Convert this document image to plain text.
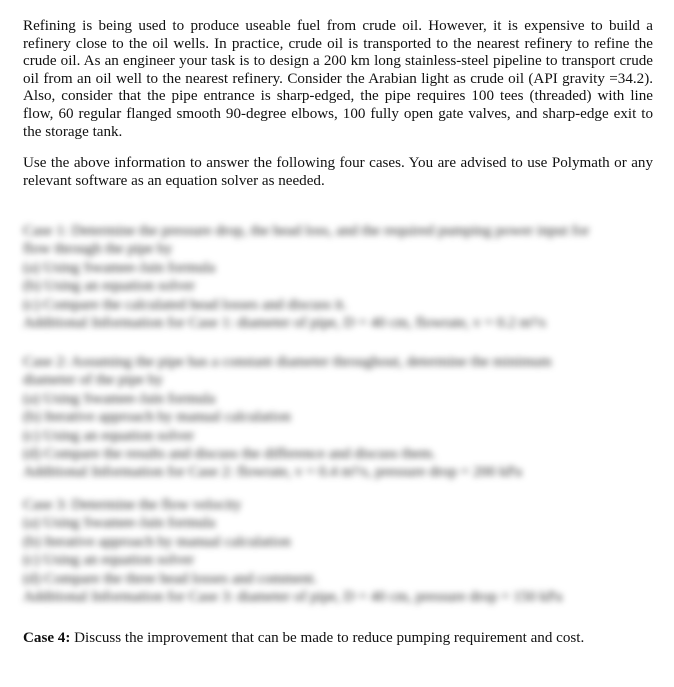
Refining is being used to produce useable fuel from crude oil. However, it is expensive to build a refinery close to the oil wells. In practice, crude oil is transported to the nearest refinery to refine the crude oil. As an engineer your task is to design a 200 km long stainless-steel pipeline to transport crude oil from an oil well to the nearest refinery. Consider the Arabian light as crude oil (API gravity =34.2). Also, consider that the pipe entrance is sharp-edged, the pipe requires 100 tees (threaded) with line flow, 60 regular flanged smooth 90-degree elbows, 100 fully open gate valves, and sharp-edge exit to the storage tank.

Use the above information to answer the following four cases. You are advised to use Polymath or any relevant software as an equation solver as needed.

Case 1: Determine the pressure drop, the head loss, and the required pumping power input for
flow through the pipe by
(a) Using Swamee-Jain formula
(b) Using an equation solver
(c) Compare the calculated head losses and discuss it.
Additional Information for Case 1: diameter of pipe, D = 40 cm, flowrate, v = 0.2 m³/s
Case 2: Assuming the pipe has a constant diameter throughout, determine the minimum
diameter of the pipe by
(a) Using Swamee-Jain formula
(b) Iterative approach by manual calculation
(c) Using an equation solver
(d) Compare the results and discuss the difference and discuss them.
Additional Information for Case 2: flowrate, v = 0.4 m³/s, pressure drop = 200 kPa
Case 3: Determine the flow velocity
(a) Using Swamee-Jain formula
(b) Iterative approach by manual calculation
(c) Using an equation solver
(d) Compare the three head losses and comment.
Additional Information for Case 3: diameter of pipe, D = 40 cm, pressure drop = 150 kPa

Case 4: Discuss the improvement that can be made to reduce pumping requirement and cost.
